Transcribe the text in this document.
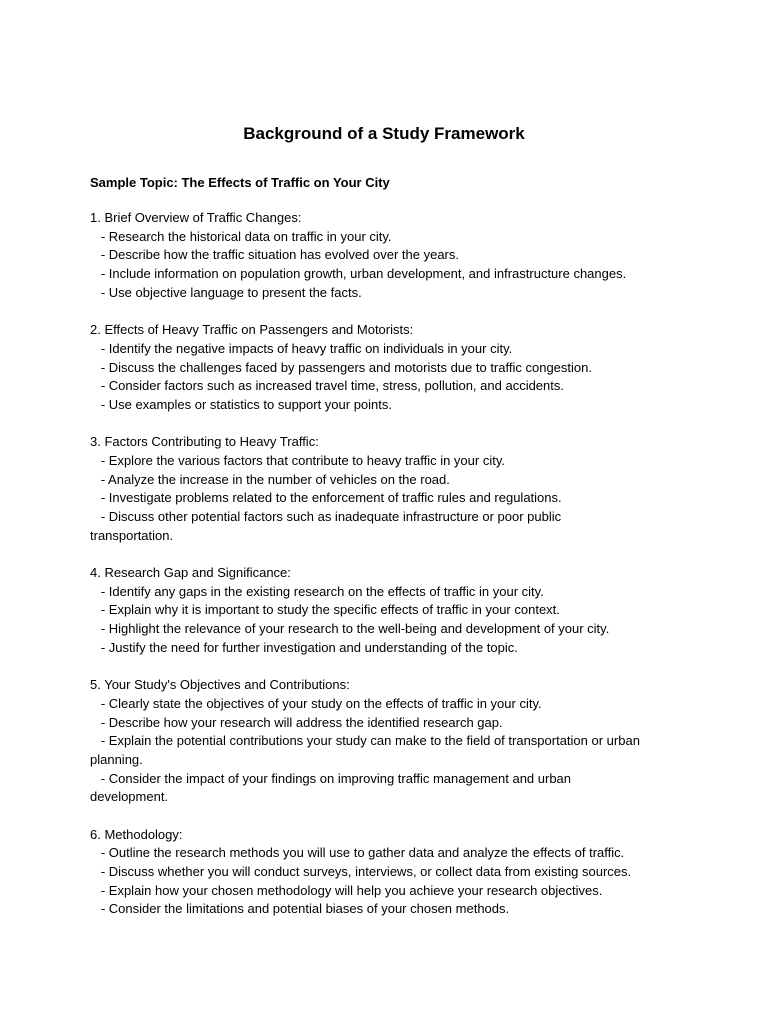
Background of a Study Framework

Sample Topic: The Effects of Traffic on Your City

1. Brief Overview of Traffic Changes:

- Research the historical data on traffic in your city.

- Describe how the traffic situation has evolved over the years.

- Include information on population growth, urban development, and infrastructure changes.

- Use objective language to present the facts.

2. Effects of Heavy Traffic on Passengers and Motorists:

- Identify the negative impacts of heavy traffic on individuals in your city.

- Discuss the challenges faced by passengers and motorists due to traffic congestion.

- Consider factors such as increased travel time, stress, pollution, and accidents.

- Use examples or statistics to support your points.

3. Factors Contributing to Heavy Traffic:

- Explore the various factors that contribute to heavy traffic in your city.

- Analyze the increase in the number of vehicles on the road.

- Investigate problems related to the enforcement of traffic rules and regulations.

- Discuss other potential factors such as inadequate infrastructure or poor public

transportation.

4. Research Gap and Significance:

- Identify any gaps in the existing research on the effects of traffic in your city.

- Explain why it is important to study the specific effects of traffic in your context.

- Highlight the relevance of your research to the well-being and development of your city.

- Justify the need for further investigation and understanding of the topic.

5. Your Study's Objectives and Contributions:

- Clearly state the objectives of your study on the effects of traffic in your city.

- Describe how your research will address the identified research gap.

- Explain the potential contributions your study can make to the field of transportation or urban

planning.

- Consider the impact of your findings on improving traffic management and urban

development.

6. Methodology:

- Outline the research methods you will use to gather data and analyze the effects of traffic.

- Discuss whether you will conduct surveys, interviews, or collect data from existing sources.

- Explain how your chosen methodology will help you achieve your research objectives.

- Consider the limitations and potential biases of your chosen methods.
